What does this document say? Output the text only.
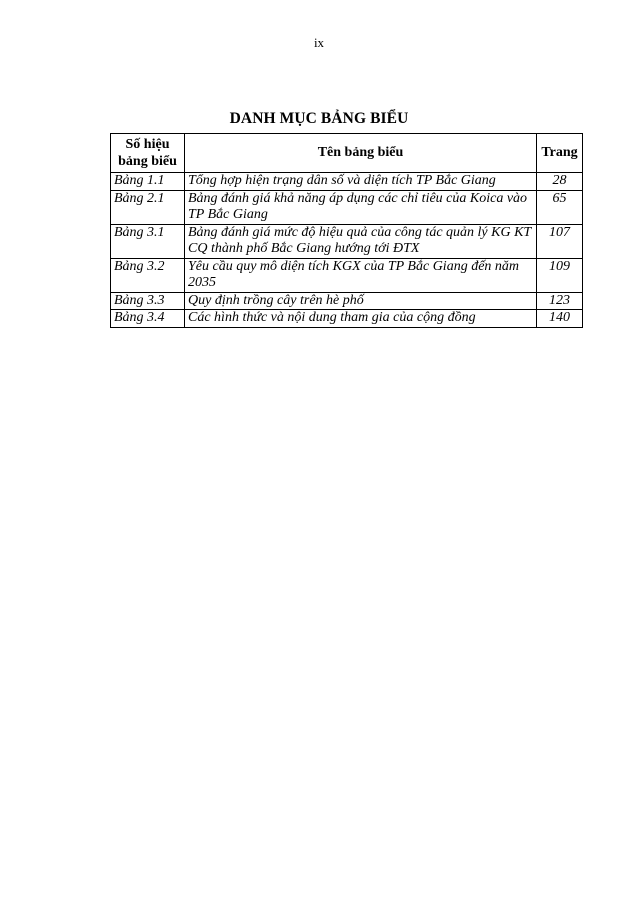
ix
DANH MỤC BẢNG BIỂU
Số hiệu
bảng biểu	Tên bảng biểu	Trang
Bảng 1.1	Tổng hợp hiện trạng dân số và diện tích TP Bắc Giang	28
Bảng 2.1	Bảng đánh giá khả năng áp dụng các chỉ tiêu của Koica vào TP Bắc Giang	65
Bảng 3.1	Bảng đánh giá mức độ hiệu quả của công tác quản lý KG KT CQ thành phố Bắc Giang hướng tới ĐTX	107
Bảng 3.2	Yêu cầu quy mô diện tích KGX của TP Bắc Giang đến năm 2035	109
Bảng 3.3	Quy định trồng cây trên hè phố	123
Bảng 3.4	Các hình thức và nội dung tham gia của cộng đồng	140
